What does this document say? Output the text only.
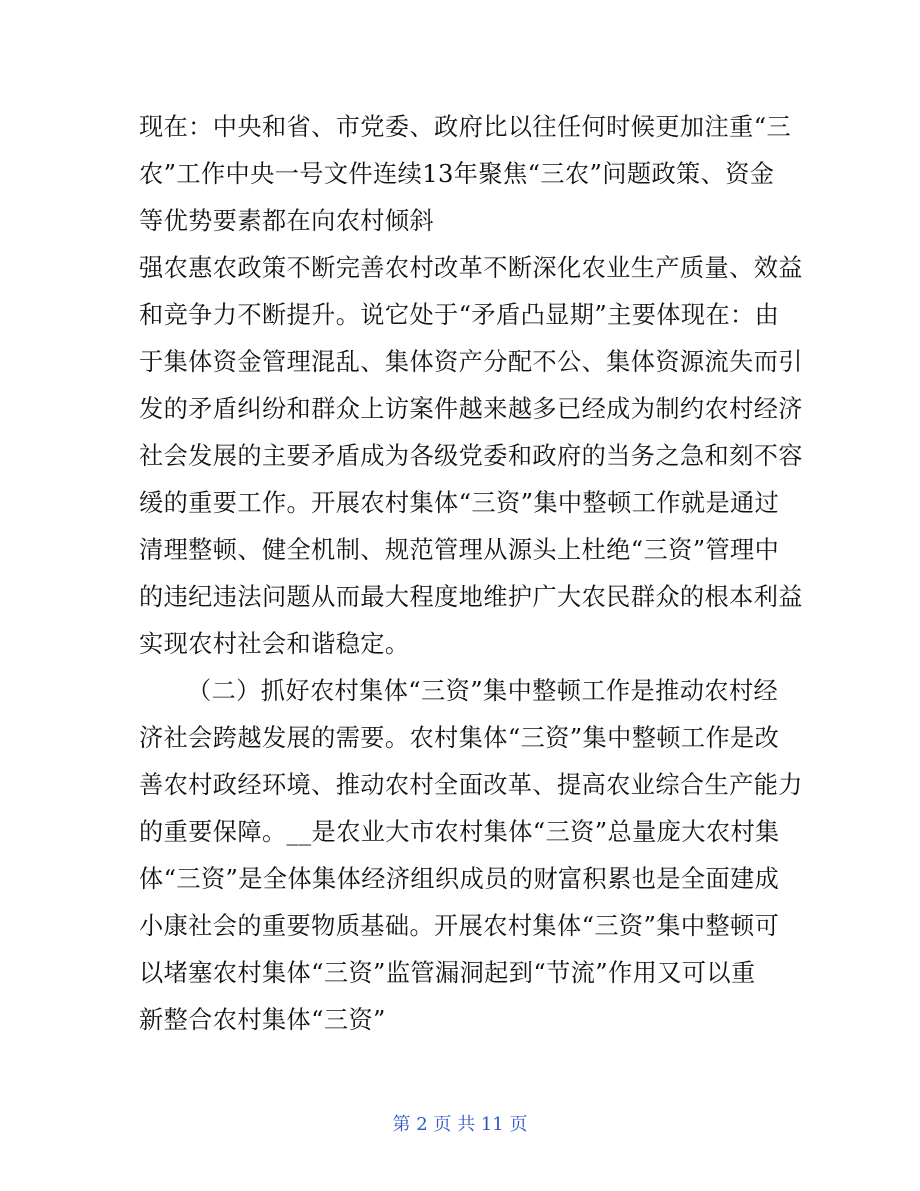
现在：中央和省、市党委、政府比以往任何时候更加注重“三
农”工作中央一号文件连续13年聚焦“三农”问题政策、资金
等优势要素都在向农村倾斜
强农惠农政策不断完善农村改革不断深化农业生产质量、效益
和竞争力不断提升。说它处于“矛盾凸显期”主要体现在：由
于集体资金管理混乱、集体资产分配不公、集体资源流失而引
发的矛盾纠纷和群众上访案件越来越多已经成为制约农村经济
社会发展的主要矛盾成为各级党委和政府的当务之急和刻不容
缓的重要工作。开展农村集体“三资”集中整顿工作就是通过
清理整顿、健全机制、规范管理从源头上杜绝“三资”管理中
的违纪违法问题从而最大程度地维护广大农民群众的根本利益
实现农村社会和谐稳定。
（二）抓好农村集体“三资”集中整顿工作是推动农村经
济社会跨越发展的需要。农村集体“三资”集中整顿工作是改
善农村政经环境、推动农村全面改革、提高农业综合生产能力
的重要保障。__是农业大市农村集体“三资”总量庞大农村集
体“三资”是全体集体经济组织成员的财富积累也是全面建成
小康社会的重要物质基础。开展农村集体“三资”集中整顿可
以堵塞农村集体“三资”监管漏洞起到“节流”作用又可以重
新整合农村集体“三资”
第 2 页 共 11 页
